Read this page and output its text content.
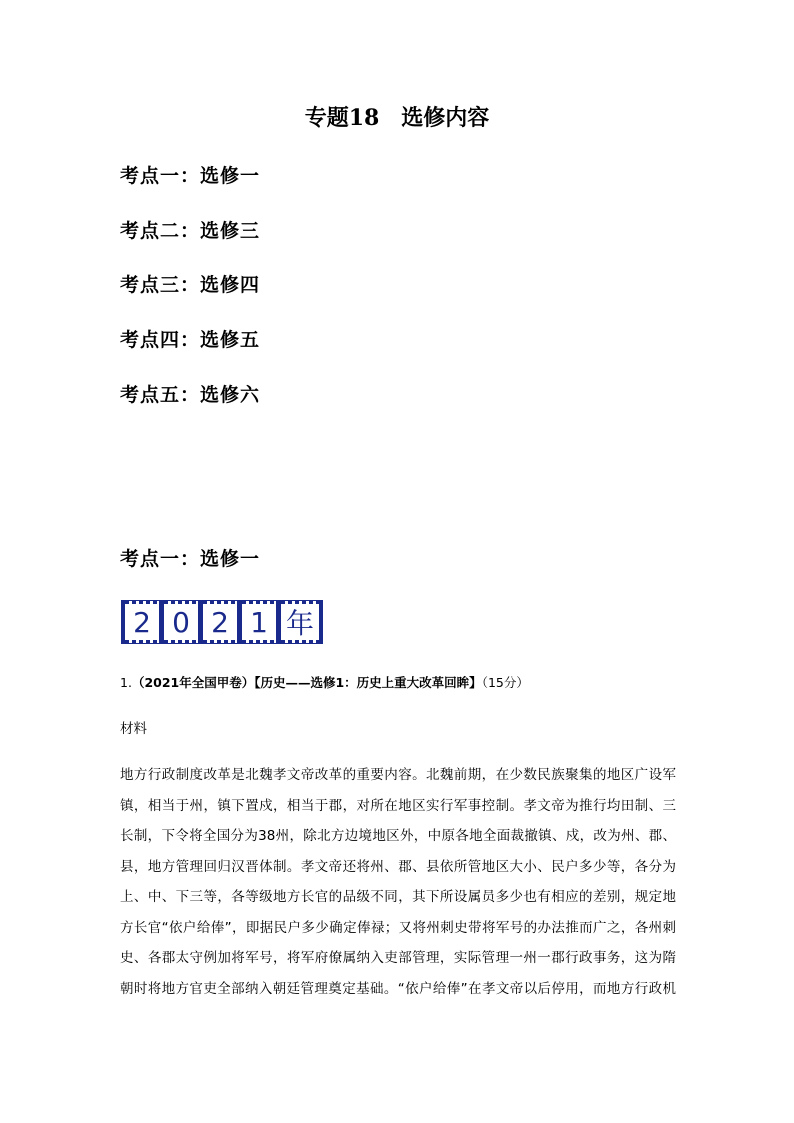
专题18　选修内容
考点一：选修一
考点二：选修三
考点三：选修四
考点四：选修五
考点五：选修六
考点一：选修一
2 0 2 1 年
1.（2021年全国甲卷）【历史——选修1：历史上重大改革回眸】（15分）
材料
地方行政制度改革是北魏孝文帝改革的重要内容。北魏前期，在少数民族聚集的地区广设军
镇，相当于州，镇下置戍，相当于郡，对所在地区实行军事控制。孝文帝为推行均田制、三
长制，下令将全国分为38州，除北方边境地区外，中原各地全面裁撤镇、戍，改为州、郡、
县，地方管理回归汉晋体制。孝文帝还将州、郡、县依所管地区大小、民户多少等，各分为
上、中、下三等，各等级地方长官的品级不同，其下所设属员多少也有相应的差别，规定地
方长官“依户给俸”，即据民户多少确定俸禄；又将州刺史带将军号的办法推而广之，各州刺
史、各郡太守例加将军号，将军府僚属纳入吏部管理，实际管理一州一郡行政事务，这为隋
朝时将地方官吏全部纳入朝廷管理奠定基础。“依户给俸”在孝文帝以后停用，而地方行政机
